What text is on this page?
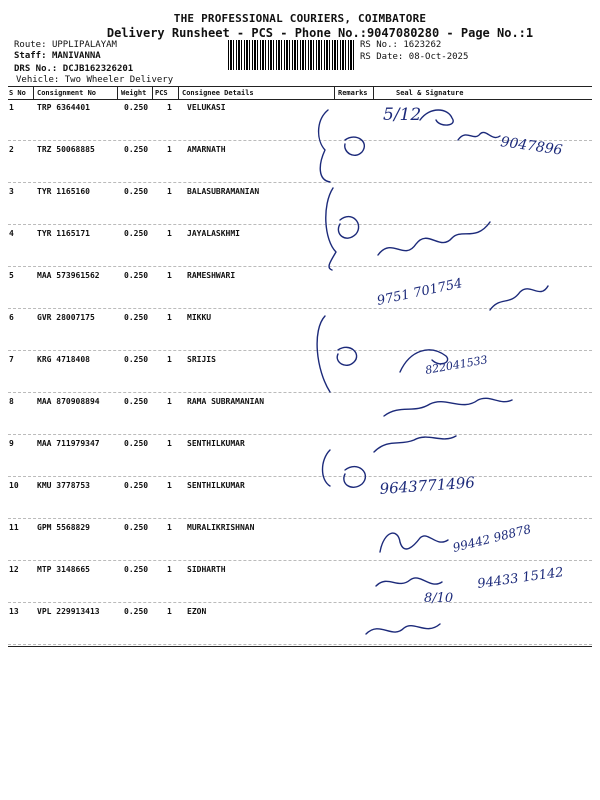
THE PROFESSIONAL COURIERS, COIMBATORE
Delivery Runsheet - PCS - Phone No.:9047080280 - Page No.:1
Route: UPPLIPALAYAM
Staff: MANIVANNA
DRS No.: DCJB162326201
RS No.: 1623262
RS Date: 08-Oct-2025
Vehicle: Two Wheeler Delivery
S No Consignment No	Weight PCS Consignee Details	Remarks	Seal & Signature
1	TRP 6364401	0.250 1 VELUKASI
2	TRZ 50068885	0.250 1 AMARNATH
3	TYR 1165160	0.250 1 BALASUBRAMANIAN
4	TYR 1165171	0.250 1 JAYALASKHMI
5	MAA 573961562	0.250 1 RAMESHWARI
6	GVR 28007175	0.250 1 MIKKU
7	KRG 4718408	0.250 1 SRIJIS
8	MAA 870908894	0.250 1 RAMA SUBRAMANIAN
9	MAA 711979347	0.250 1 SENTHILKUMAR
10 KMU 3778753	0.250 1 SENTHILKUMAR
11 GPM 5568829	0.250 1 MURALIKRISHNAN
12 MTP 3148665	0.250 1 SIDHARTH
13 VPL 229913413	0.250 1 EZON
5/12
9047896
9751 701754
822041533
9643771496
99442 98878
8/10
94433 15142
